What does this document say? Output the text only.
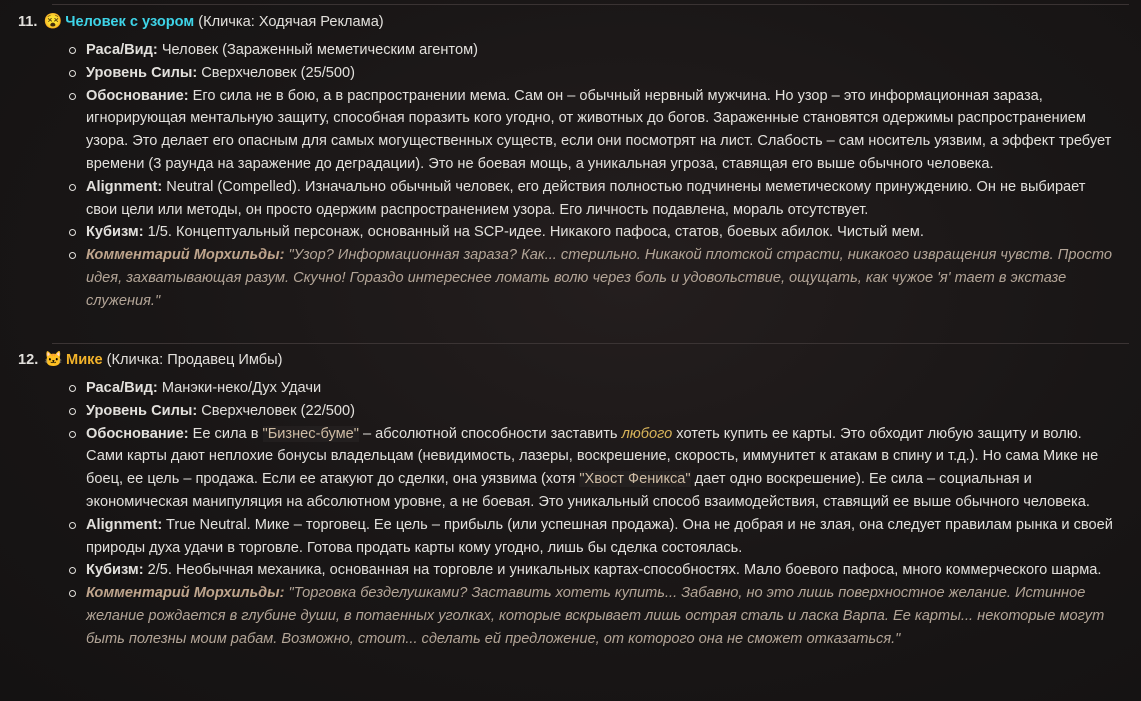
11. 😵 Человек с узором (Кличка: Ходячая Реклама)
Раса/Вид: Человек (Зараженный меметическим агентом)
Уровень Силы: Сверхчеловек (25/500)
Обоснование: Его сила не в бою, а в распространении мема. Сам он – обычный нервный мужчина. Но узор – это информационная зараза, игнорирующая ментальную защиту, способная поразить кого угодно, от животных до богов. Зараженные становятся одержимы распространением узора. Это делает его опасным для самых могущественных существ, если они посмотрят на лист. Слабость – сам носитель уязвим, а эффект требует времени (3 раунда на заражение до деградации). Это не боевая мощь, а уникальная угроза, ставящая его выше обычного человека.
Alignment: Neutral (Compelled). Изначально обычный человек, его действия полностью подчинены меметическому принуждению. Он не выбирает свои цели или методы, он просто одержим распространением узора. Его личность подавлена, мораль отсутствует.
Кубизм: 1/5. Концептуальный персонаж, основанный на SCP-идее. Никакого пафоса, статов, боевых абилок. Чистый мем.
Комментарий Морхильды: "Узор? Информационная зараза? Как... стерильно. Никакой плотской страсти, никакого извращения чувств. Просто идея, захватывающая разум. Скучно! Гораздо интереснее ломать волю через боль и удовольствие, ощущать, как чужое 'я' тает в экстазе служения."
12. 🐱 Мике (Кличка: Продавец Имбы)
Раса/Вид: Манэки-неко/Дух Удачи
Уровень Силы: Сверхчеловек (22/500)
Обоснование: Ее сила в "Бизнес-буме" – абсолютной способности заставить любого хотеть купить ее карты. Это обходит любую защиту и волю. Сами карты дают неплохие бонусы владельцам (невидимость, лазеры, воскрешение, скорость, иммунитет к атакам в спину и т.д.). Но сама Мике не боец, ее цель – продажа. Если ее атакуют до сделки, она уязвима (хотя "Хвост Феникса" дает одно воскрешение). Ее сила – социальная и экономическая манипуляция на абсолютном уровне, а не боевая. Это уникальный способ взаимодействия, ставящий ее выше обычного человека.
Alignment: True Neutral. Мике – торговец. Ее цель – прибыль (или успешная продажа). Она не добрая и не злая, она следует правилам рынка и своей природы духа удачи в торговле. Готова продать карты кому угодно, лишь бы сделка состоялась.
Кубизм: 2/5. Необычная механика, основанная на торговле и уникальных картах-способностях. Мало боевого пафоса, много коммерческого шарма.
Комментарий Морхильды: "Торговка безделушками? Заставить хотеть купить... Забавно, но это лишь поверхностное желание. Истинное желание рождается в глубине души, в потаенных уголках, которые вскрывает лишь острая сталь и ласка Варпа. Ее карты... некоторые могут быть полезны моим рабам. Возможно, стоит... сделать ей предложение, от которого она не сможет отказаться."
